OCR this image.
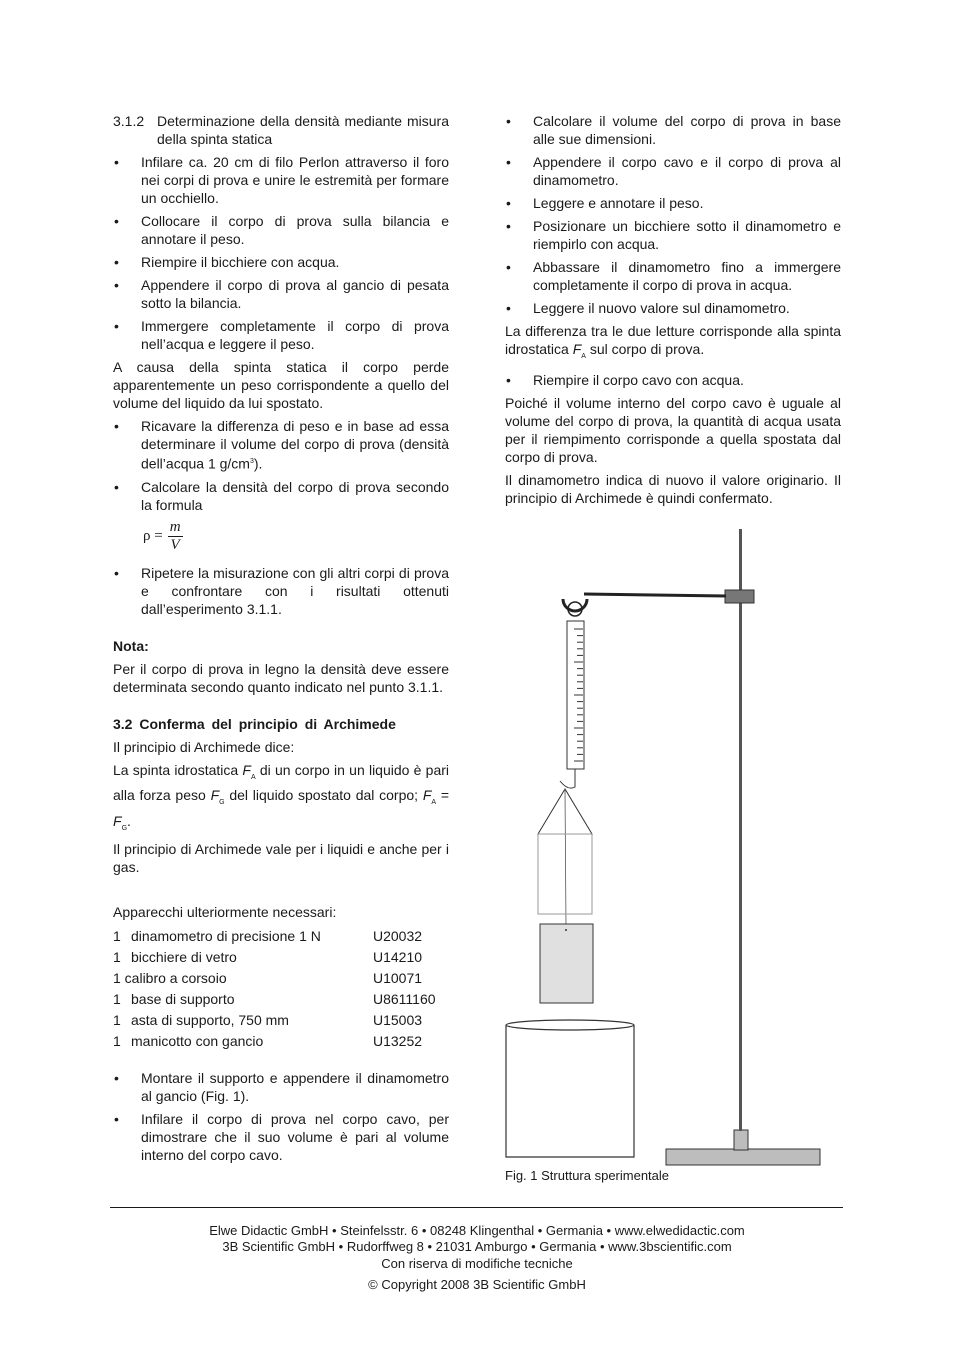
3.1.2 Determinazione della densità mediante misura della spinta statica
• Infilare ca. 20 cm di filo Perlon attraverso il foro nei corpi di prova e unire le estremità per formare un occhiello.
• Collocare il corpo di prova sulla bilancia e annotare il peso.
• Riempire il bicchiere con acqua.
• Appendere il corpo di prova al gancio di pesata sotto la bilancia.
• Immergere completamente il corpo di prova nell’acqua e leggere il peso.

A causa della spinta statica il corpo perde apparentemente un peso corrispondente a quello del volume del liquido da lui spostato.

• Ricavare la differenza di peso e in base ad essa determinare il volume del corpo di prova (densità dell’acqua 1 $g/cm^3$).
• Calcolare la densità del corpo di prova secondo la formula
$\rho = \frac{m}{V}$
• Ripetere la misurazione con gli altri corpi di prova e confrontare con i risultati ottenuti dall’esperimento 3.1.1.

Nota:

Per il corpo di prova in legno la densità deve essere determinata secondo quanto indicato nel punto 3.1.1.

3.2 Conferma del principio di Archimede

Il principio di Archimede dice:

La spinta idrostatica $F_A$ di un corpo in un liquido è pari alla forza peso $F_G$ del liquido spostato dal corpo; $F_A = F_G$.

Il principio di Archimede vale per i liquidi e anche per i gas.

Apparecchi ulteriormente necessari:

1	dinamometro di precisione 1 N	U20032
1	bicchiere di vetro	U14210
1 calibro a corsoio		U10071
1	base di supporto	U8611160
1	asta di supporto, 750 mm	U15003
1	manicotto con gancio	U13252
• Montare il supporto e appendere il dinamometro al gancio (Fig. 1).
• Infilare il corpo di prova nel corpo cavo, per dimostrare che il suo volume è pari al volume interno del corpo cavo.
• Calcolare il volume del corpo di prova in base alle sue dimensioni.
• Appendere il corpo cavo e il corpo di prova al dinamometro.
• Leggere e annotare il peso.
• Posizionare un bicchiere sotto il dinamometro e riempirlo con acqua.
• Abbassare il dinamometro fino a immergere completamente il corpo di prova in acqua.
• Leggere il nuovo valore sul dinamometro.

La differenza tra le due letture corrisponde alla spinta idrostatica $F_A$ sul corpo di prova.

• Riempire il corpo cavo con acqua.

Poiché il volume interno del corpo cavo è uguale al volume del corpo di prova, la quantità di acqua usata per il riempimento corrisponde a quella spostata dal corpo di prova.

Il dinamometro indica di nuovo il valore originario. Il principio di Archimede è quindi confermato.

Fig. 1 Struttura sperimentale
Elwe Didactic GmbH • Steinfelsstr. 6 • 08248 Klingenthal • Germania • www.elwedidactic.com
3B Scientific GmbH • Rudorffweg 8 • 21031 Amburgo • Germania • www.3bscientific.com
Con riserva di modifiche tecniche
© Copyright 2008 3B Scientific GmbH
